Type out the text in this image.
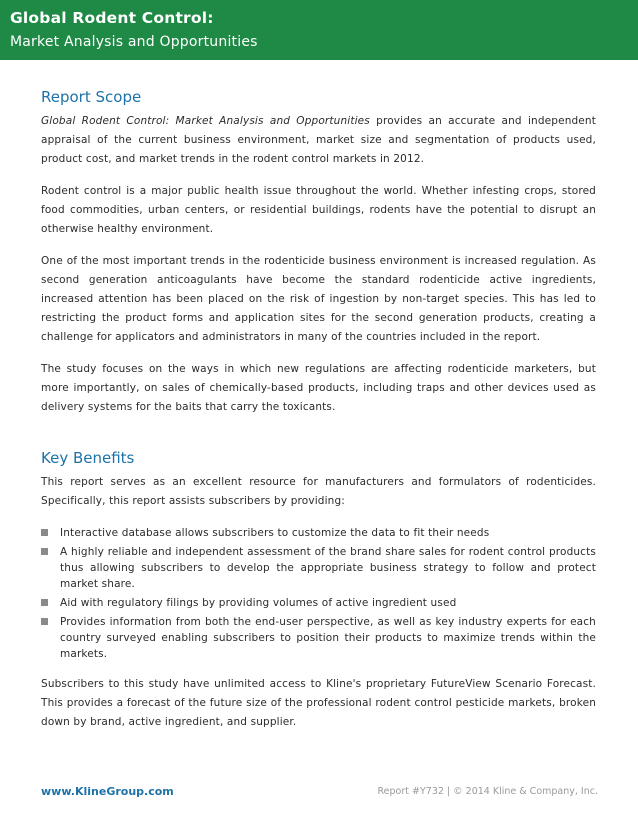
Global Rodent Control:
Market Analysis and Opportunities
Report Scope

Global Rodent Control: Market Analysis and Opportunities provides an accurate and independent appraisal of the current business environment, market size and segmentation of products used, product cost, and market trends in the rodent control markets in 2012.

Rodent control is a major public health issue throughout the world. Whether infesting crops, stored food commodities, urban centers, or residential buildings, rodents have the potential to disrupt an otherwise healthy environment.

One of the most important trends in the rodenticide business environment is increased regulation. As second generation anticoagulants have become the standard rodenticide active ingredients, increased attention has been placed on the risk of ingestion by non-target species. This has led to restricting the product forms and application sites for the second generation products, creating a challenge for applicators and administrators in many of the countries included in the report.

The study focuses on the ways in which new regulations are affecting rodenticide marketers, but more importantly, on sales of chemically-based products, including traps and other devices used as delivery systems for the baits that carry the toxicants.

Key Benefits

This report serves as an excellent resource for manufacturers and formulators of rodenticides. Specifically, this report assists subscribers by providing:

Interactive database allows subscribers to customize the data to fit their needs
A highly reliable and independent assessment of the brand share sales for rodent control products thus allowing subscribers to develop the appropriate business strategy to follow and protect market share.
Aid with regulatory filings by providing volumes of active ingredient used
Provides information from both the end-user perspective, as well as key industry experts for each country surveyed enabling subscribers to position their products to maximize trends within the markets.

Subscribers to this study have unlimited access to Kline's proprietary FutureView Scenario Forecast. This provides a forecast of the future size of the professional rodent control pesticide markets, broken down by brand, active ingredient, and supplier.

www.KlineGroup.com	Report #Y732 | © 2014 Kline & Company, Inc.
